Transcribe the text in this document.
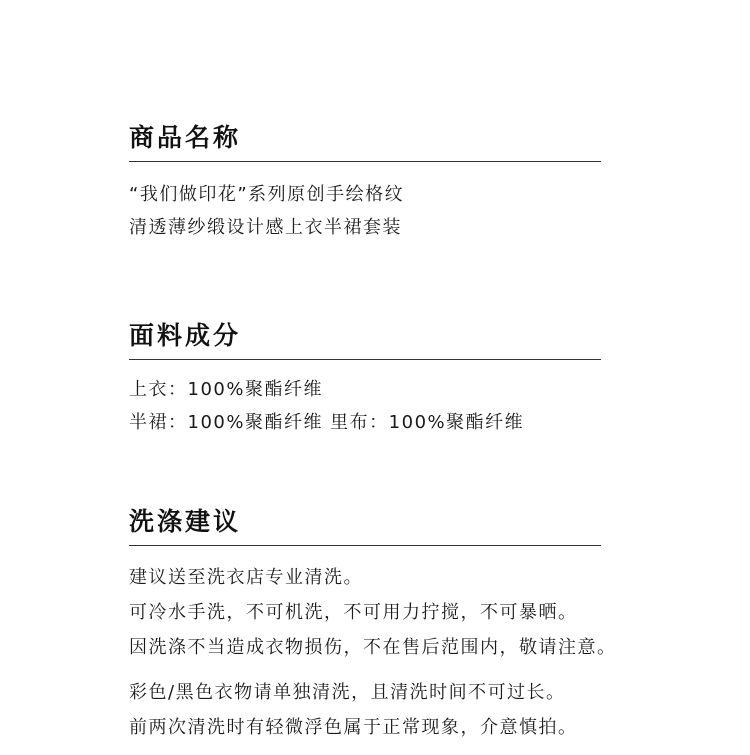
商品名称
“我们做印花”系列原创手绘格纹
清透薄纱缎设计感上衣半裙套装
面料成分
上衣：100%聚酯纤维
半裙：100%聚酯纤维 里布：100%聚酯纤维
洗涤建议
建议送至洗衣店专业清洗。
可冷水手洗，不可机洗，不可用力拧搅，不可暴晒。
因洗涤不当造成衣物损伤，不在售后范围内，敬请注意。
彩色/黑色衣物请单独清洗，且清洗时间不可过长。
前两次清洗时有轻微浮色属于正常现象，介意慎拍。
